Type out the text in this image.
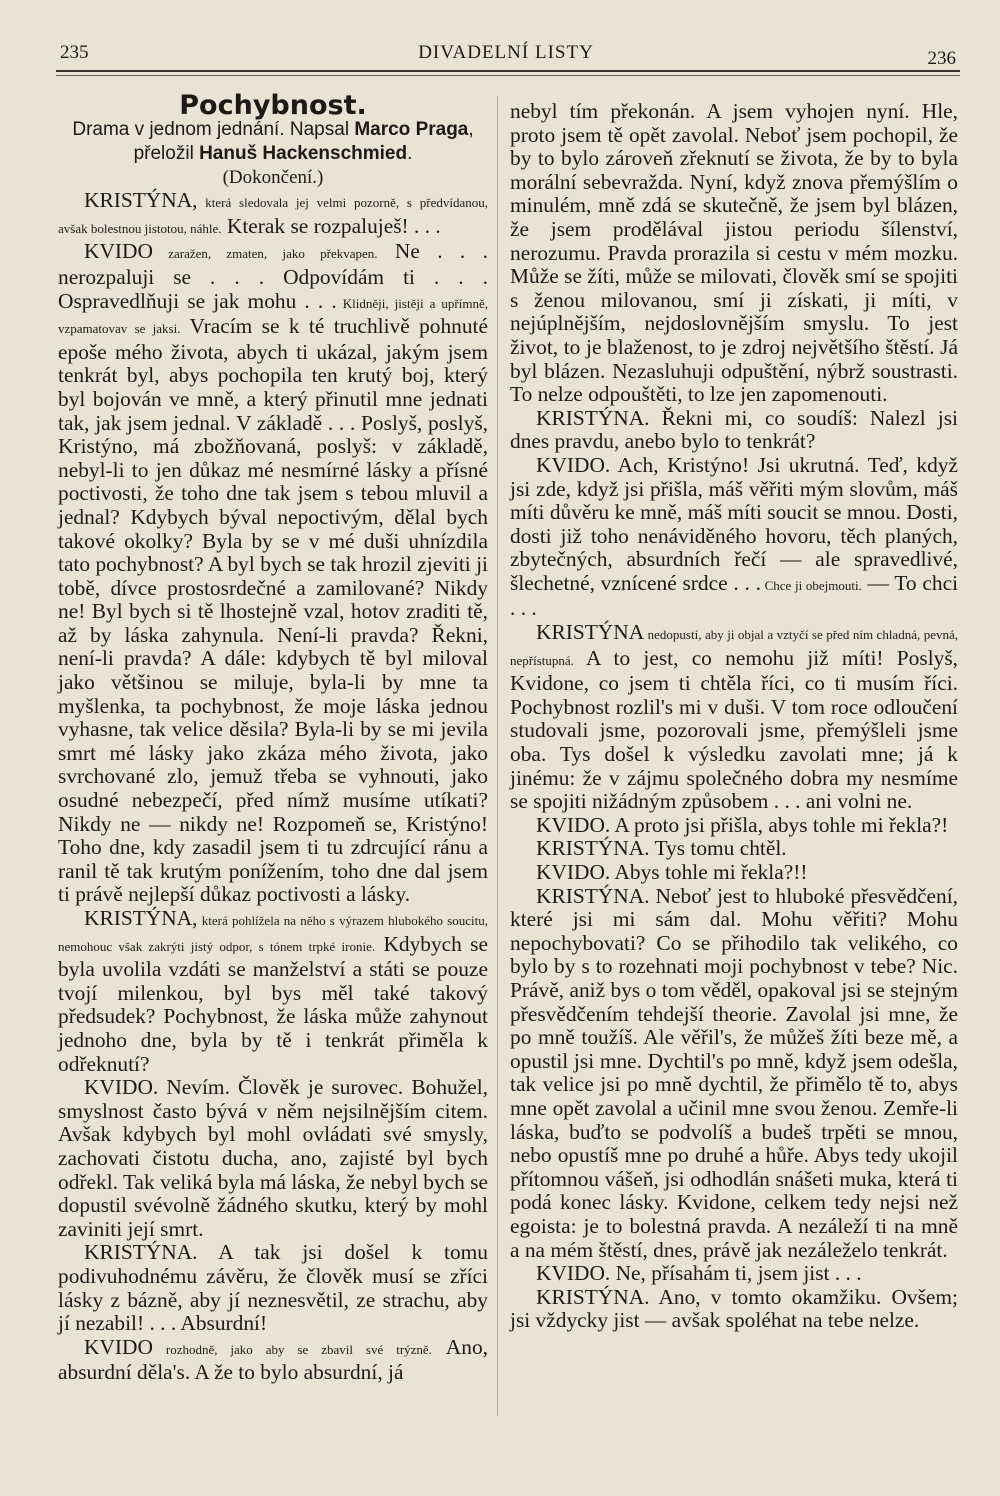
235	DIVADELNÍ LISTY	236

Pochybnost.

Drama v jednom jednání. Napsal Marco Praga, přeložil Hanuš Hackenschmied.

(Dokončení.)

KRISTÝNA, která sledovala jej velmi pozorně, s předvídanou, avšak bolestnou jistotou, náhle. Kterak se rozpaluješ! . . .

KVIDO zaražen, zmaten, jako překvapen. Ne . . . nerozpaluji se . . . Odpovídám ti . . . Ospravedlňuji se jak mohu . . . Klidněji, jistěji a upřímně, vzpamatovav se jaksi. Vracím se k té truchlivě pohnuté epoše mého života, abych ti ukázal, jakým jsem tenkrát byl, abys pochopila ten krutý boj, který byl bojován ve mně, a který přinutil mne jednati tak, jak jsem jednal. V základě . . . Poslyš, poslyš, Kristýno, má zbožňovaná, poslyš: v základě, nebyl-li to jen důkaz mé nesmírné lásky a přísné poctivosti, že toho dne tak jsem s tebou mluvil a jednal? Kdybych býval nepoctivým, dělal bych takové okolky? Byla by se v mé duši uhnízdila tato pochybnost? A byl bych se tak hrozil zjeviti ji tobě, dívce prostosrdečné a zamilované? Nikdy ne! Byl bych si tě lhostejně vzal, hotov zraditi tě, až by láska zahynula. Není-li pravda? Řekni, není-li pravda? A dále: kdybych tě byl miloval jako většinou se miluje, byla-li by mne ta myšlenka, ta pochybnost, že moje láska jednou vyhasne, tak velice děsila? Byla-li by se mi jevila smrt mé lásky jako zkáza mého života, jako svrchované zlo, jemuž třeba se vyhnouti, jako osudné nebezpečí, před nímž musíme utíkati? Nikdy ne — nikdy ne! Rozpomeň se, Kristýno! Toho dne, kdy zasadil jsem ti tu zdrcující ránu a ranil tě tak krutým ponížením, toho dne dal jsem ti právě nejlepší důkaz poctivosti a lásky.

KRISTÝNA, která pohlížela na něho s výrazem hlubokého soucitu, nemohouc však zakrýti jistý odpor, s tónem trpké ironie. Kdybych se byla uvolila vzdáti se manželství a státi se pouze tvojí milenkou, byl bys měl také takový předsudek? Pochybnost, že láska může zahynout jednoho dne, byla by tě i tenkrát přiměla k odřeknutí?

KVIDO. Nevím. Člověk je surovec. Bohužel, smyslnost často bývá v něm nejsilnějším citem. Avšak kdybych byl mohl ovládati své smysly, zachovati čistotu ducha, ano, zajisté byl bych odřekl. Tak veliká byla má láska, že nebyl bych se dopustil svévolně žádného skutku, který by mohl zaviniti její smrt.

KRISTÝNA. A tak jsi došel k tomu podivuhodnému závěru, že člověk musí se zříci lásky z bázně, aby jí neznesvětil, ze strachu, aby jí nezabil! . . . Absurdní!

KVIDO rozhodně, jako aby se zbavil své trýzně. Ano, absurdní děla's. A že to bylo absurdní, já

nebyl tím překonán. A jsem vyhojen nyní. Hle, proto jsem tě opět zavolal. Neboť jsem pochopil, že by to bylo zároveň zřeknutí se života, že by to byla morální sebevražda. Nyní, když znova přemýšlím o minulém, mně zdá se skutečně, že jsem byl blázen, že jsem prodělával jistou periodu šílenství, nerozumu. Pravda prorazila si cestu v mém mozku. Může se žíti, může se milovati, člověk smí se spojiti s ženou milovanou, smí ji získati, ji míti, v nejúplnějším, nejdoslovnějším smyslu. To jest život, to je blaženost, to je zdroj největšího štěstí. Já byl blázen. Nezasluhuji odpuštění, nýbrž soustrasti. To nelze odpouštěti, to lze jen zapomenouti.

KRISTÝNA. Řekni mi, co soudíš: Nalezl jsi dnes pravdu, anebo bylo to tenkrát?

KVIDO. Ach, Kristýno! Jsi ukrutná. Teď, když jsi zde, když jsi přišla, máš věřiti mým slovům, máš míti důvěru ke mně, máš míti soucit se mnou. Dosti, dosti již toho nenáviděného hovoru, těch planých, zbytečných, absurdních řečí — ale spravedlivé, šlechetné, vznícené srdce . . . Chce ji obejmouti. — To chci . . .

KRISTÝNA nedopustí, aby ji objal a vztyčí se před ním chladná, pevná, nepřístupná. A to jest, co nemohu již míti! Poslyš, Kvidone, co jsem ti chtěla říci, co ti musím říci. Pochybnost rozlil's mi v duši. V tom roce odloučení studovali jsme, pozorovali jsme, přemýšleli jsme oba. Tys došel k výsledku zavolati mne; já k jinému: že v zájmu společného dobra my nesmíme se spojiti nižádným způsobem . . . ani volni ne.

KVIDO. A proto jsi přišla, abys tohle mi řekla?!

KRISTÝNA. Tys tomu chtěl.

KVIDO. Abys tohle mi řekla?!!

KRISTÝNA. Neboť jest to hluboké přesvědčení, které jsi mi sám dal. Mohu věřiti? Mohu nepochybovati? Co se přihodilo tak velikého, co bylo by s to rozehnati moji pochybnost v tebe? Nic. Právě, aniž bys o tom věděl, opakoval jsi se stejným přesvědčením tehdejší theorie. Zavolal jsi mne, že po mně toužíš. Ale věřil's, že můžeš žíti beze mě, a opustil jsi mne. Dychtil's po mně, když jsem odešla, tak velice jsi po mně dychtil, že přimělo tě to, abys mne opět zavolal a učinil mne svou ženou. Zemře-li láska, buďto se podvolíš a budeš trpěti se mnou, nebo opustíš mne po druhé a hůře. Abys tedy ukojil přítomnou vášeň, jsi odhodlán snášeti muka, která ti podá konec lásky. Kvidone, celkem tedy nejsi než egoista: je to bolestná pravda. A nezáleží ti na mně a na mém štěstí, dnes, právě jak nezáleželo tenkrát.

KVIDO. Ne, přísahám ti, jsem jist . . .

KRISTÝNA. Ano, v tomto okamžiku. Ovšem; jsi vždycky jist — avšak spoléhat na tebe nelze.
